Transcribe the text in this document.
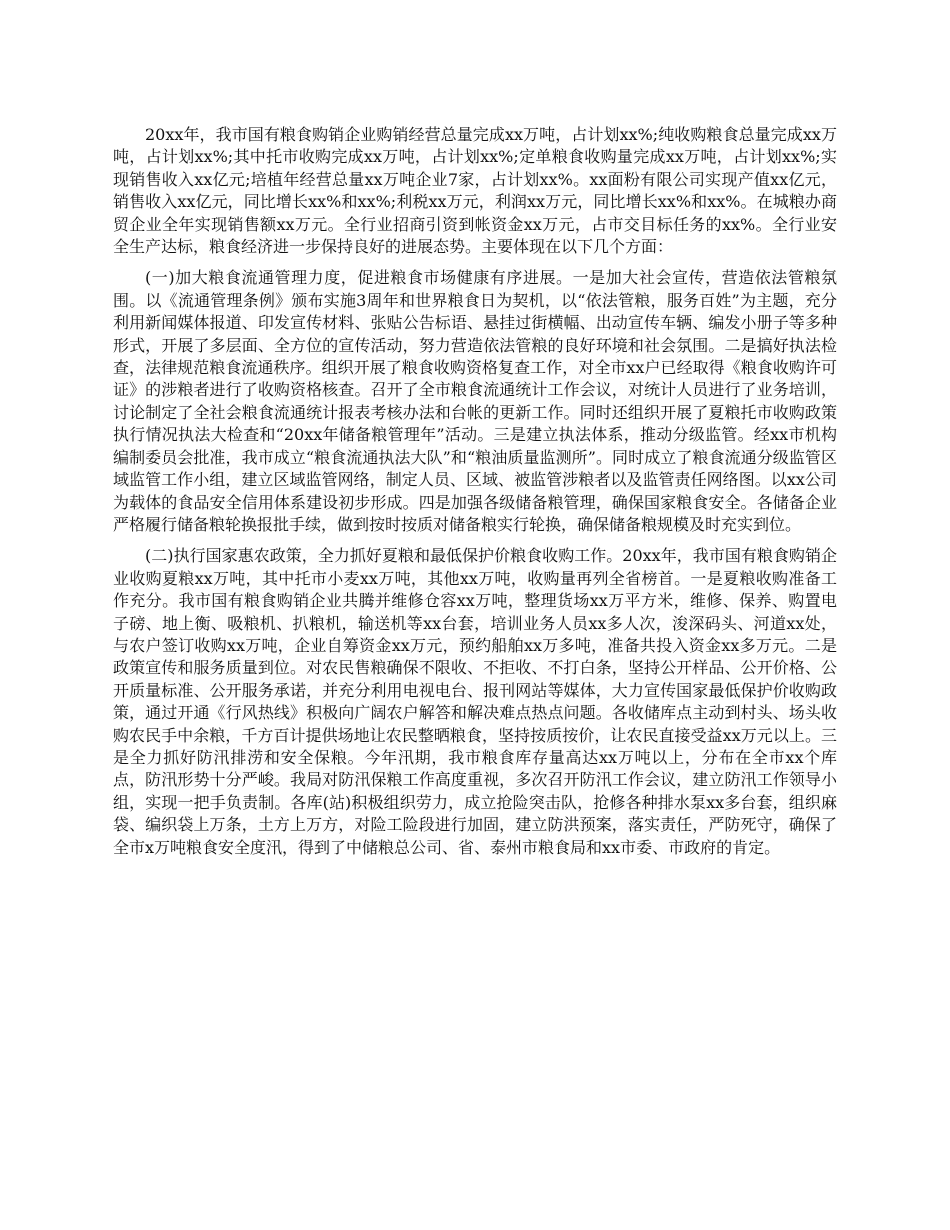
20xx年，我市国有粮食购销企业购销经营总量完成xx万吨，占计划xx%;纯收购粮食总量完成xx万吨，占计划xx%;其中托市收购完成xx万吨，占计划xx%;定单粮食收购量完成xx万吨，占计划xx%;实现销售收入xx亿元;培植年经营总量xx万吨企业7家，占计划xx%。xx面粉有限公司实现产值xx亿元，销售收入xx亿元，同比增长xx%和xx%;利税xx万元，利润xx万元，同比增长xx%和xx%。在城粮办商贸企业全年实现销售额xx万元。全行业招商引资到帐资金xx万元，占市交目标任务的xx%。全行业安全生产达标，粮食经济进一步保持良好的进展态势。主要体现在以下几个方面：

(一)加大粮食流通管理力度，促进粮食市场健康有序进展。一是加大社会宣传，营造依法管粮氛围。以《流通管理条例》颁布实施3周年和世界粮食日为契机，以“依法管粮，服务百姓”为主题，充分利用新闻媒体报道、印发宣传材料、张贴公告标语、悬挂过街横幅、出动宣传车辆、编发小册子等多种形式，开展了多层面、全方位的宣传活动，努力营造依法管粮的良好环境和社会氛围。二是搞好执法检查，法律规范粮食流通秩序。组织开展了粮食收购资格复查工作，对全市xx户已经取得《粮食收购许可证》的涉粮者进行了收购资格核查。召开了全市粮食流通统计工作会议，对统计人员进行了业务培训，讨论制定了全社会粮食流通统计报表考核办法和台帐的更新工作。同时还组织开展了夏粮托市收购政策执行情况执法大检查和“20xx年储备粮管理年”活动。三是建立执法体系，推动分级监管。经xx市机构编制委员会批准，我市成立“粮食流通执法大队”和“粮油质量监测所”。同时成立了粮食流通分级监管区域监管工作小组，建立区域监管网络，制定人员、区域、被监管涉粮者以及监管责任网络图。以xx公司为载体的食品安全信用体系建设初步形成。四是加强各级储备粮管理，确保国家粮食安全。各储备企业严格履行储备粮轮换报批手续，做到按时按质对储备粮实行轮换，确保储备粮规模及时充实到位。

(二)执行国家惠农政策，全力抓好夏粮和最低保护价粮食收购工作。20xx年，我市国有粮食购销企业收购夏粮xx万吨，其中托市小麦xx万吨，其他xx万吨，收购量再列全省榜首。一是夏粮收购准备工作充分。我市国有粮食购销企业共腾并维修仓容xx万吨，整理货场xx万平方米，维修、保养、购置电子磅、地上衡、吸粮机、扒粮机，输送机等xx台套，培训业务人员xx多人次，浚深码头、河道xx处，与农户签订收购xx万吨，企业自筹资金xx万元，预约船舶xx万多吨，准备共投入资金xx多万元。二是政策宣传和服务质量到位。对农民售粮确保不限收、不拒收、不打白条，坚持公开样品、公开价格、公开质量标准、公开服务承诺，并充分利用电视电台、报刊网站等媒体，大力宣传国家最低保护价收购政策，通过开通《行风热线》积极向广阔农户解答和解决难点热点问题。各收储库点主动到村头、场头收购农民手中余粮，千方百计提供场地让农民整晒粮食，坚持按质按价，让农民直接受益xx万元以上。三是全力抓好防汛排涝和安全保粮。今年汛期，我市粮食库存量高达xx万吨以上，分布在全市xx个库点，防汛形势十分严峻。我局对防汛保粮工作高度重视，多次召开防汛工作会议，建立防汛工作领导小组，实现一把手负责制。各库(站)积极组织劳力，成立抢险突击队，抢修各种排水泵xx多台套，组织麻袋、编织袋上万条，土方上万方，对险工险段进行加固，建立防洪预案，落实责任，严防死守，确保了全市x万吨粮食安全度汛，得到了中储粮总公司、省、泰州市粮食局和xx市委、市政府的肯定。
